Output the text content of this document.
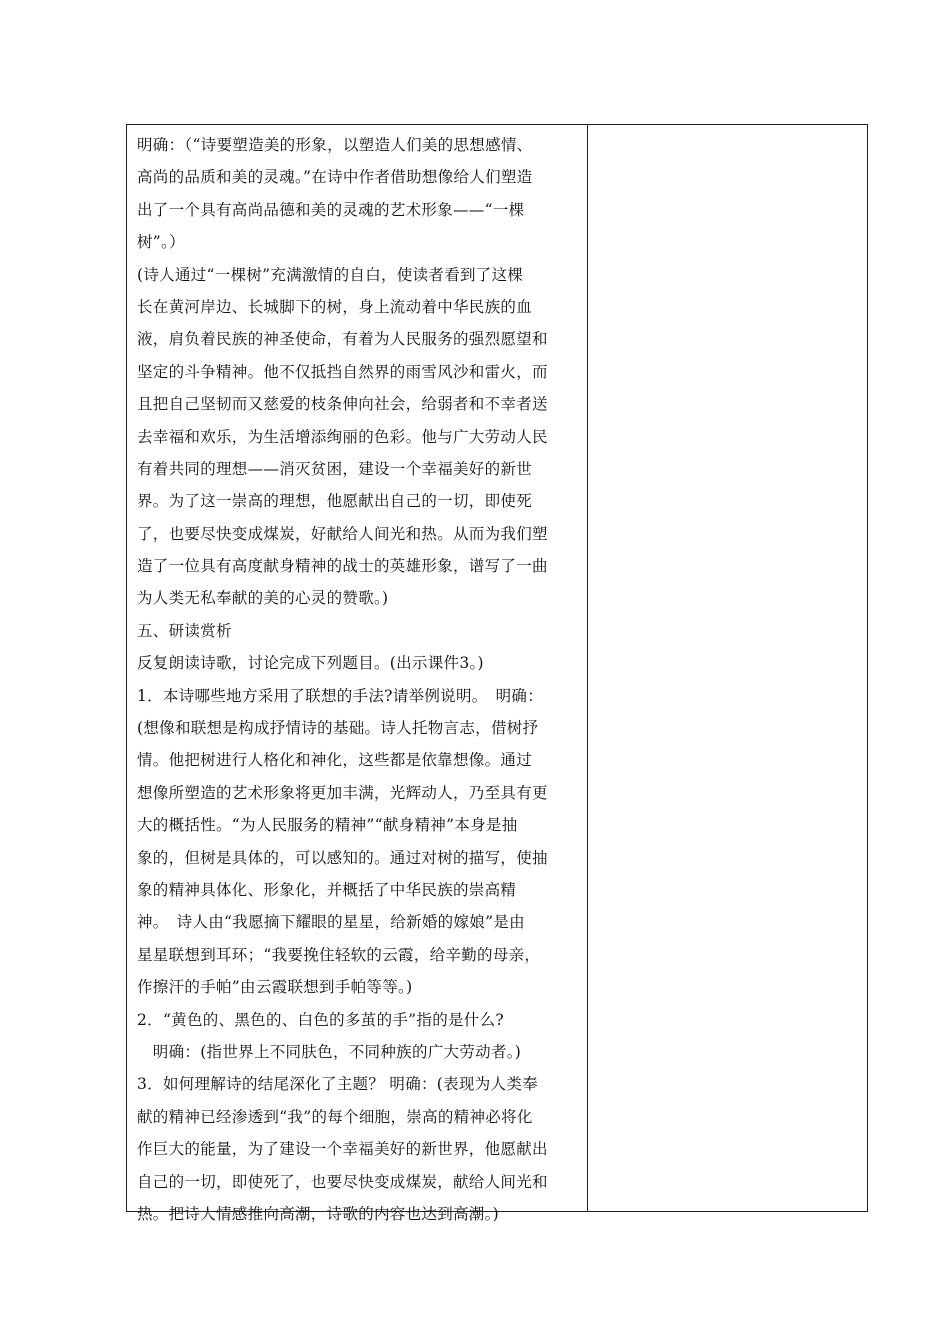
明确：（“诗要塑造美的形象，以塑造人们美的思想感情、
高尚的品质和美的灵魂。”在诗中作者借助想像给人们塑造
出了一个具有高尚品德和美的灵魂的艺术形象——“一棵
树”。）
(诗人通过“一棵树”充满激情的自白，使读者看到了这棵
长在黄河岸边、长城脚下的树，身上流动着中华民族的血
液，肩负着民族的神圣使命，有着为人民服务的强烈愿望和
坚定的斗争精神。他不仅抵挡自然界的雨雪风沙和雷火，而
且把自己坚韧而又慈爱的枝条伸向社会，给弱者和不幸者送
去幸福和欢乐，为生活增添绚丽的色彩。他与广大劳动人民
有着共同的理想——消灭贫困，建设一个幸福美好的新世
界。为了这一崇高的理想，他愿献出自己的一切，即使死
了，也要尽快变成煤炭，好献给人间光和热。从而为我们塑
造了一位具有高度献身精神的战士的英雄形象，谱写了一曲
为人类无私奉献的美的心灵的赞歌。)
五、研读赏析
反复朗读诗歌，讨论完成下列题目。(出示课件3。)
1．本诗哪些地方采用了联想的手法?请举例说明。　明确：
(想像和联想是构成抒情诗的基础。诗人托物言志，借树抒
情。他把树进行人格化和神化，这些都是依靠想像。通过
想像所塑造的艺术形象将更加丰满，光辉动人，乃至具有更
大的概括性。“为人民服务的精神”“献身精神”本身是抽
象的，但树是具体的，可以感知的。通过对树的描写，使抽
象的精神具体化、形象化，并概括了中华民族的崇高精
神。　诗人由“我愿摘下耀眼的星星，给新婚的嫁娘”是由
星星联想到耳环；“我要挽住轻软的云霞，给辛勤的母亲，
作擦汗的手帕”由云霞联想到手帕等等。)
2．“黄色的、黑色的、白色的多茧的手”指的是什么?
　明确：(指世界上不同肤色，不同种族的广大劳动者。)
3．如何理解诗的结尾深化了主题？ 明确：(表现为人类奉
献的精神已经渗透到“我”的每个细胞，崇高的精神必将化
作巨大的能量，为了建设一个幸福美好的新世界，他愿献出
自己的一切，即使死了，也要尽快变成煤炭，献给人间光和
热。把诗人情感推向高潮，诗歌的内容也达到高潮。)
